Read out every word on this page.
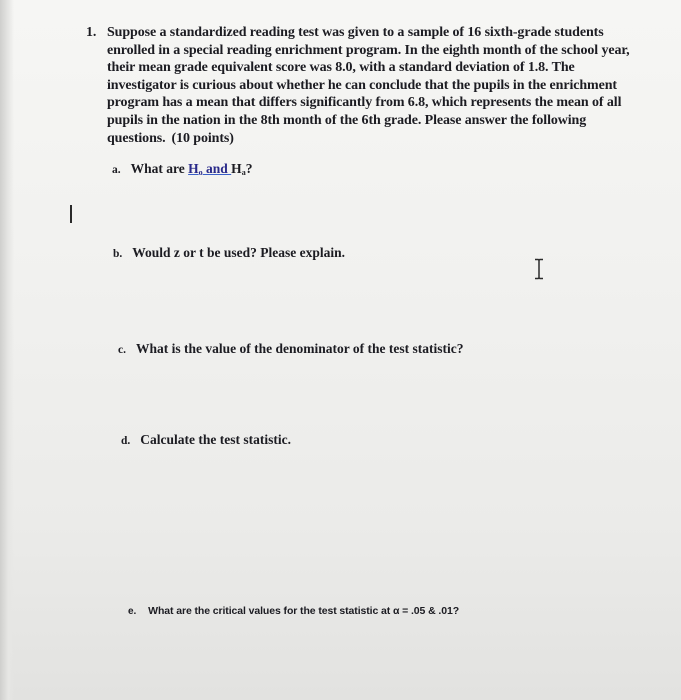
1. Suppose a standardized reading test was given to a sample of 16 sixth-grade students
enrolled in a special reading enrichment program. In the eighth month of the school year,
their mean grade equivalent score was 8.0, with a standard deviation of 1.8. The
investigator is curious about whether he can conclude that the pupils in the enrichment
program has a mean that differs significantly from 6.8, which represents the mean of all
pupils in the nation in the 8th month of the 6th grade. Please answer the following
questions. (10 points)
a. What are $H_o$ and $H_a$?
b. Would z or t be used? Please explain.
c. What is the value of the denominator of the test statistic?
d. Calculate the test statistic.
e. What are the critical values for the test statistic at α = .05 & .01?
